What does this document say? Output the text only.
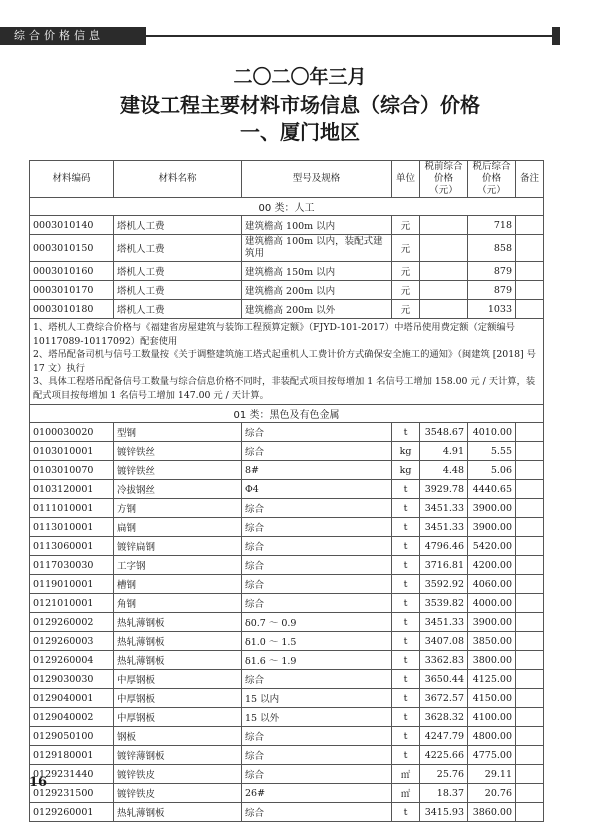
综合价格信息
二〇二〇年三月
建设工程主要材料市场信息（综合）价格
一、厦门地区
材料编码	材料名称	型号及规格	单位	税前综合价格（元）	税后综合价格（元）	备注
00 类：人工						
0003010140	塔机人工费	建筑檐高 100m 以内	元		718	
0003010150	塔机人工费	建筑檐高 100m 以内，装配式建筑用	元		858	
0003010160	塔机人工费	建筑檐高 150m 以内	元		879	
0003010170	塔机人工费	建筑檐高 200m 以内	元		879	
0003010180	塔机人工费	建筑檐高 200m 以外	元		1033	
1、塔机人工费综合价格与《福建省房屋建筑与装饰工程预算定额》（FJYD-101-2017）中塔吊使用费定额（定额编号 10117089-10117092）配套使用
2、塔吊配备司机与信号工数量按《关于调整建筑施工塔式起重机人工费计价方式确保安全施工的通知》（闽建筑 [2018] 号 17 文）执行
3、具体工程塔吊配备信号工数量与综合信息价格不同时，非装配式项目按每增加 1 名信号工增加 158.00 元 / 天计算，装配式项目按每增加 1 名信号工增加 147.00 元 / 天计算。						
01 类：黑色及有色金属						
0100030020	型钢	综合	t	3548.67	4010.00	
0103010001	镀锌铁丝	综合	kg	4.91	5.55	
0103010070	镀锌铁丝	8#	kg	4.48	5.06	
0103120001	冷拔钢丝	Φ4	t	3929.78	4440.65	
0111010001	方钢	综合	t	3451.33	3900.00	
0113010001	扁钢	综合	t	3451.33	3900.00	
0113060001	镀锌扁钢	综合	t	4796.46	5420.00	
0117030030	工字钢	综合	t	3716.81	4200.00	
0119010001	槽钢	综合	t	3592.92	4060.00	
0121010001	角钢	综合	t	3539.82	4000.00	
0129260002	热轧薄钢板	δ0.7 ～ 0.9	t	3451.33	3900.00	
0129260003	热轧薄钢板	δ1.0 ～ 1.5	t	3407.08	3850.00	
0129260004	热轧薄钢板	δ1.6 ～ 1.9	t	3362.83	3800.00	
0129030030	中厚钢板	综合	t	3650.44	4125.00	
0129040001	中厚钢板	15 以内	t	3672.57	4150.00	
0129040002	中厚钢板	15 以外	t	3628.32	4100.00	
0129050100	钢板	综合	t	4247.79	4800.00	
0129180001	镀锌薄钢板	综合	t	4225.66	4775.00	
0129231440	镀锌铁皮	综合	㎡	25.76	29.11	
0129231500	镀锌铁皮	26#	㎡	18.37	20.76	
0129260001	热轧薄钢板	综合	t	3415.93	3860.00	
16
